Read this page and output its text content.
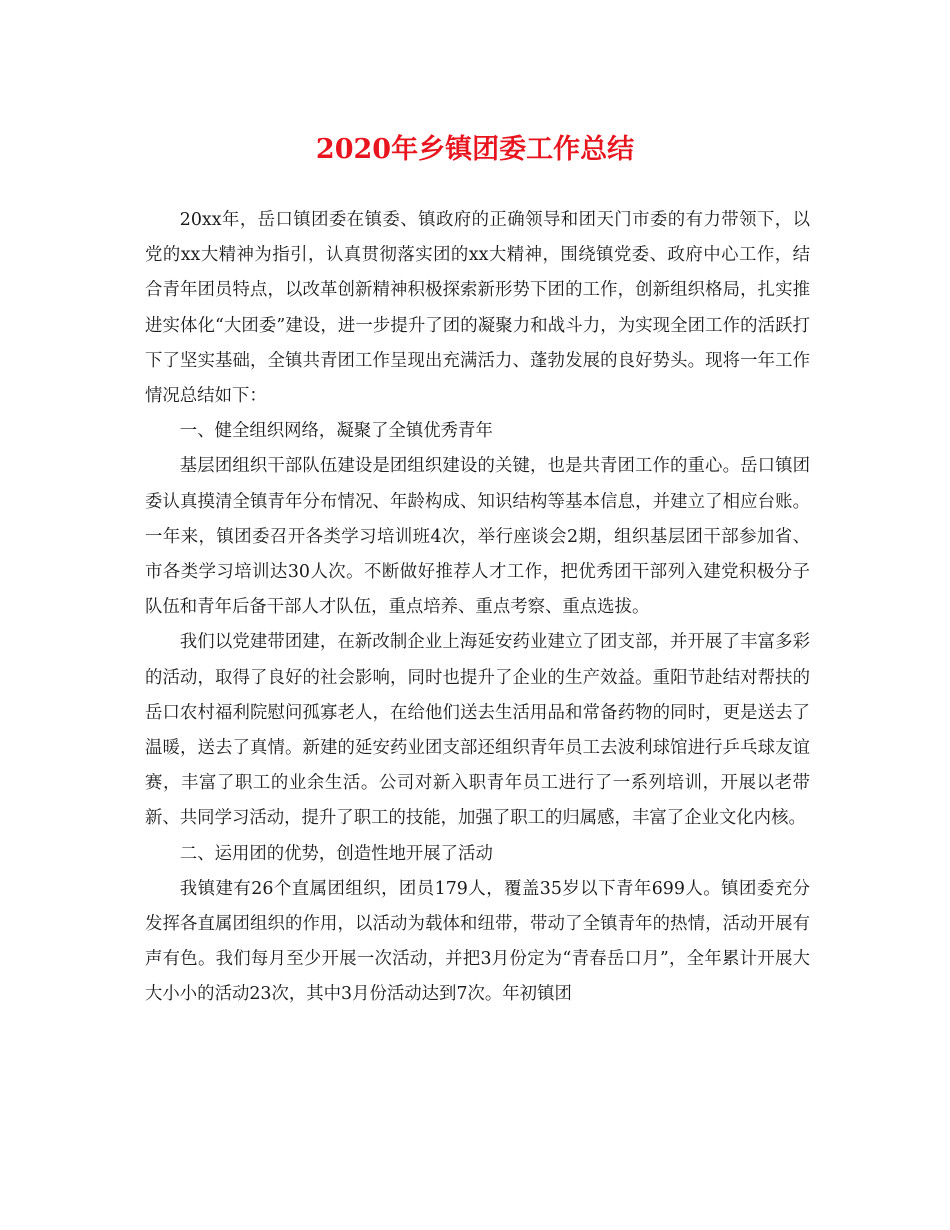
2020年乡镇团委工作总结

20xx年，岳口镇团委在镇委、镇政府的正确领导和团天门市委的有力带领下，以党的xx大精神为指引，认真贯彻落实团的xx大精神，围绕镇党委、政府中心工作，结合青年团员特点，以改革创新精神积极探索新形势下团的工作，创新组织格局，扎实推进实体化“大团委”建设，进一步提升了团的凝聚力和战斗力，为实现全团工作的活跃打下了坚实基础，全镇共青团工作呈现出充满活力、蓬勃发展的良好势头。现将一年工作情况总结如下：

一、健全组织网络，凝聚了全镇优秀青年

基层团组织干部队伍建设是团组织建设的关键，也是共青团工作的重心。岳口镇团委认真摸清全镇青年分布情况、年龄构成、知识结构等基本信息，并建立了相应台账。一年来，镇团委召开各类学习培训班4次，举行座谈会2期，组织基层团干部参加省、市各类学习培训达30人次。不断做好推荐人才工作，把优秀团干部列入建党积极分子队伍和青年后备干部人才队伍，重点培养、重点考察、重点选拔。

我们以党建带团建，在新改制企业上海延安药业建立了团支部，并开展了丰富多彩的活动，取得了良好的社会影响，同时也提升了企业的生产效益。重阳节赴结对帮扶的岳口农村福利院慰问孤寡老人，在给他们送去生活用品和常备药物的同时，更是送去了温暖，送去了真情。新建的延安药业团支部还组织青年员工去波利球馆进行乒乓球友谊赛，丰富了职工的业余生活。公司对新入职青年员工进行了一系列培训，开展以老带新、共同学习活动，提升了职工的技能，加强了职工的归属感，丰富了企业文化内核。

二、运用团的优势，创造性地开展了活动

我镇建有26个直属团组织，团员179人，覆盖35岁以下青年699人。镇团委充分发挥各直属团组织的作用，以活动为载体和纽带，带动了全镇青年的热情，活动开展有声有色。我们每月至少开展一次活动，并把3月份定为“青春岳口月”，全年累计开展大大小小的活动23次，其中3月份活动达到7次。年初镇团
